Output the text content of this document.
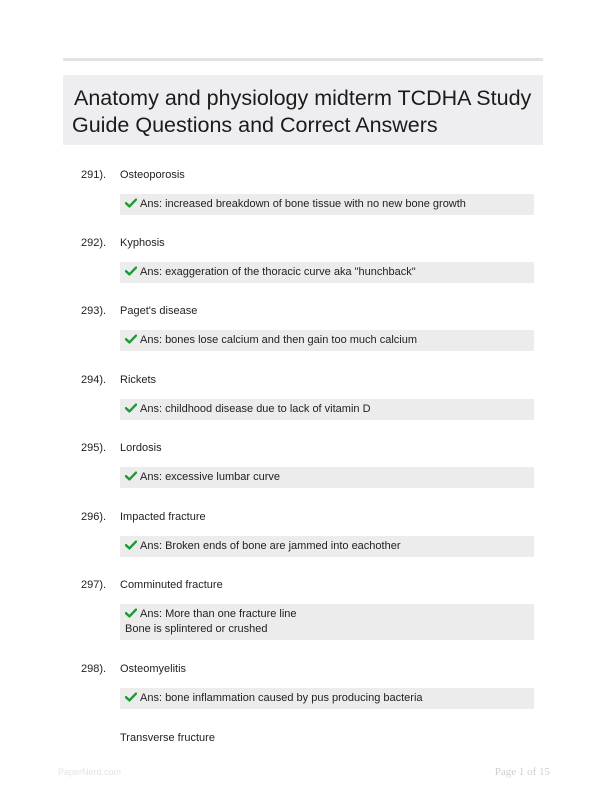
Anatomy and physiology midterm TCDHA Study
Guide Questions and Correct Answers
291). Osteoporosis
Ans: increased breakdown of bone tissue with no new bone growth
292). Kyphosis
Ans: exaggeration of the thoracic curve aka "hunchback"
293). Paget's disease
Ans: bones lose calcium and then gain too much calcium
294). Rickets
Ans: childhood disease due to lack of vitamin D
295). Lordosis
Ans: excessive lumbar curve
296). Impacted fracture
Ans: Broken ends of bone are jammed into eachother
297). Comminuted fracture
Ans: More than one fracture line
Bone is splintered or crushed
298). Osteomyelitis
Ans: bone inflammation caused by pus producing bacteria
Transverse fructure
PaperNerd.com	Page 1 of 15
